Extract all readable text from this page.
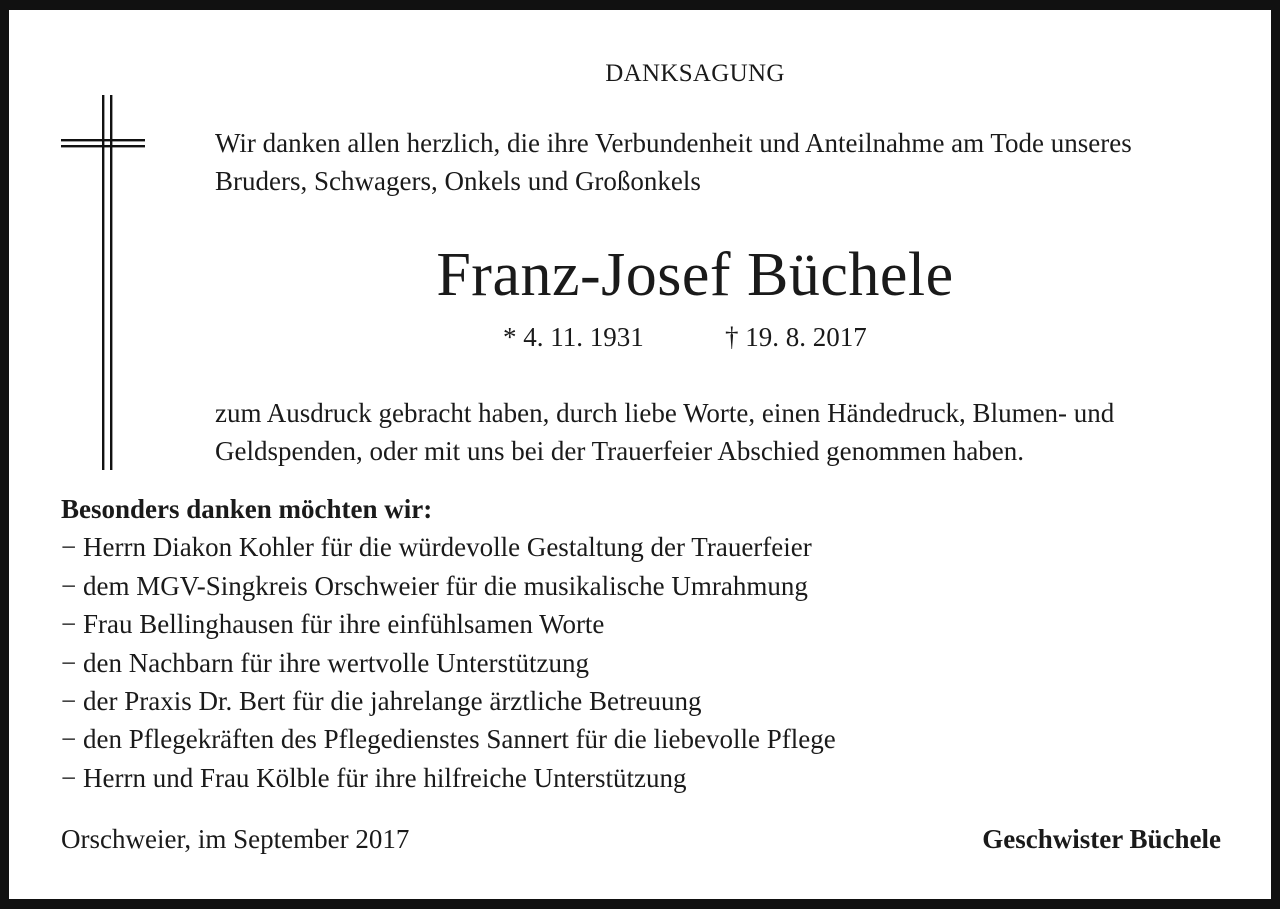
DANKSAGUNG
Wir danken allen herzlich, die ihre Verbundenheit und Anteilnahme am Tode unseres
Bruders, Schwagers, Onkels und Großonkels
Franz-Josef Büchele
* 4. 11. 1931	† 19. 8. 2017
zum Ausdruck gebracht haben, durch liebe Worte, einen Händedruck, Blumen- und
Geldspenden, oder mit uns bei der Trauerfeier Abschied genommen haben.
Besonders danken möchten wir:
− Herrn Diakon Kohler für die würdevolle Gestaltung der Trauerfeier
− dem MGV-Singkreis Orschweier für die musikalische Umrahmung
− Frau Bellinghausen für ihre einfühlsamen Worte
− den Nachbarn für ihre wertvolle Unterstützung
− der Praxis Dr. Bert für die jahrelange ärztliche Betreuung
− den Pflegekräften des Pflegedienstes Sannert für die liebevolle Pflege
− Herrn und Frau Kölble für ihre hilfreiche Unterstützung
Orschweier, im September 2017	Geschwister Büchele
